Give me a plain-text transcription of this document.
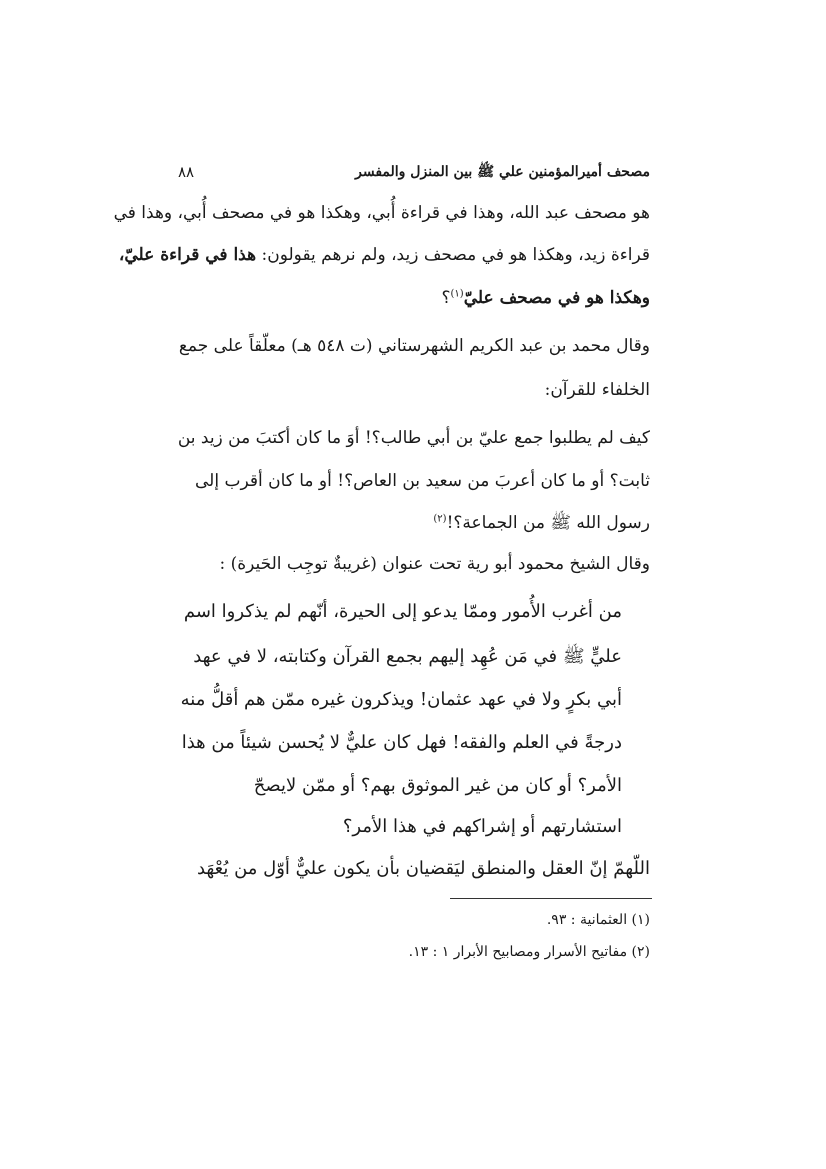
مصحف أميرالمؤمنين علي ﷺ بين المنزل والمفسر
٨٨
هو مصحف عبد الله، وهذا في قراءة أُبي، وهكذا هو في مصحف أُبي، وهذا في
قراءة زيد، وهكذا هو في مصحف زيد، ولم نرهم يقولون: هذا في قراءة عليّ،
وهكذا هو في مصحف عليّ$^{(١)}$؟
وقال محمد بن عبد الكريم الشهرستاني (ت ٥٤٨ هـ) معلّقاً على جمع
الخلفاء للقرآن:
كيف لم يطلبوا جمع عليّ بن أبي طالب؟! أوَ ما كان أكتبَ من زيد بن
ثابت؟ أو ما كان أعربَ من سعيد بن العاص؟! أو ما كان أقرب إلى
رسول الله ﷺ من الجماعة؟!$^{(٢)}$
وقال الشيخ محمود أبو رية تحت عنوان (غريبةٌ توجِب الحَيرة) :
من أغرب الأُمور وممّا يدعو إلى الحيرة، أنّهم لم يذكروا اسم
عليٍّ ﷺ في مَن عُهِد إليهم بجمع القرآن وكتابته، لا في عهد
أبي بكرٍ ولا في عهد عثمان! ويذكرون غيره ممّن هم أقلُّ منه
درجةً في العلم والفقه! فهل كان عليٌّ لا يُحسن شيئاً من هذا
الأمر؟ أو كان من غير الموثوق بهم؟ أو ممّن لايصحّ
استشارتهم أو إشراكهم في هذا الأمر؟
اللّهمّ إنّ العقل والمنطق ليَقضيان بأن يكون عليٌّ أوّل من يُعْهَد
(١) العثمانية : ٩٣.
(٢) مفاتيح الأسرار ومصابيح الأبرار ١ : ١٣.
